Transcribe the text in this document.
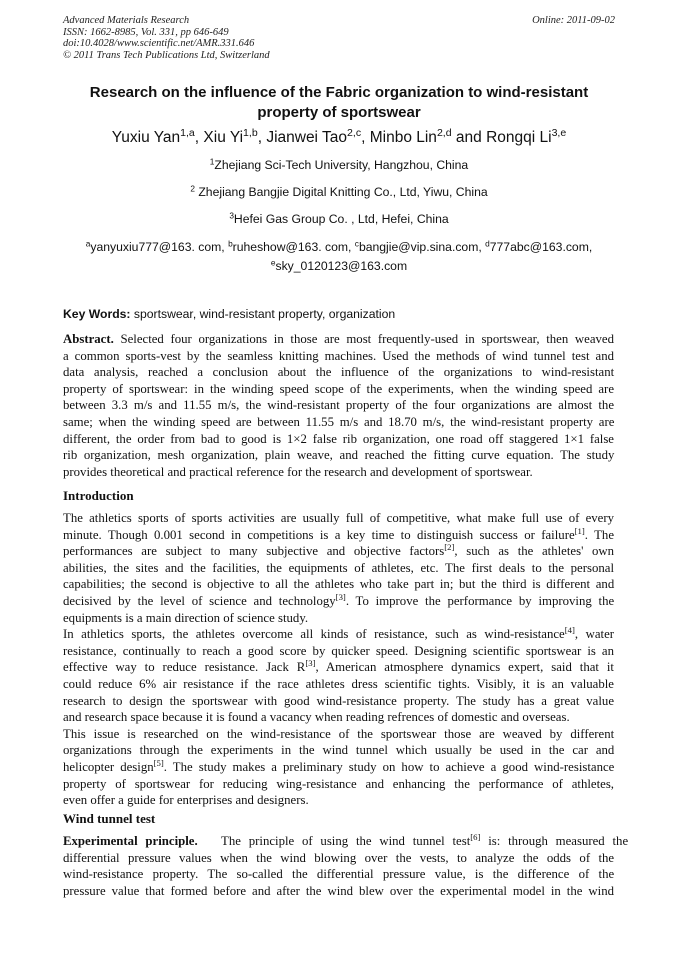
Advanced Materials Research
ISSN: 1662-8985, Vol. 331, pp 646-649
doi:10.4028/www.scientific.net/AMR.331.646
© 2011 Trans Tech Publications Ltd, Switzerland
Online: 2011-09-02
Research on the influence of the Fabric organization to wind-resistant
property of sportswear
Yuxiu Yan$^{1,a}$, Xiu Yi$^{1,b}$, Jianwei Tao$^{2,c}$, Minbo Lin$^{2,d}$ and Rongqi Li$^{3,e}$
$^1$Zhejiang Sci-Tech University, Hangzhou, China
$^2$ Zhejiang Bangjie Digital Knitting Co., Ltd, Yiwu, China
$^3$Hefei Gas Group Co. , Ltd, Hefei, China
$^a$yanyuxiu777@163. com, $^b$ruheshow@163. com, $^c$bangjie@vip.sina.com, $^d$777abc@163.com,
$^e$sky_0120123@163.com
Key Words: sportswear, wind-resistant property, organization
Abstract. Selected four organizations in those are most frequently-used in sportswear, then weaved
a common sports-vest by the seamless knitting machines. Used the methods of wind tunnel test and
data analysis, reached a conclusion about the influence of the organizations to wind-resistant
property of sportswear: in the winding speed scope of the experiments, when the winding speed are
between 3.3 m/s and 11.55 m/s, the wind-resistant property of the four organizations are almost the
same; when the winding speed are between 11.55 m/s and 18.70 m/s, the wind-resistant property are
different, the order from bad to good is 1×2 false rib organization, one road off staggered 1×1 false
rib organization, mesh organization, plain weave, and reached the fitting curve equation. The study
provides theoretical and practical reference for the research and development of sportswear.
Introduction
The athletics sports of sports activities are usually full of competitive, what make full use of every
minute. Though 0.001 second in competitions is a key time to distinguish success or failure[1]. The
performances are subject to many subjective and objective factors[2], such as the athletes' own
abilities, the sites and the facilities, the equipments of athletes, etc. The first deals to the personal
capabilities; the second is objective to all the athletes who take part in; but the third is different and
decisived by the level of science and technology[3]. To improve the performance by improving the
equipments is a main direction of science study.
In athletics sports, the athletes overcome all kinds of resistance, such as wind-resistance[4], water
resistance, continually to reach a good score by quicker speed. Designing scientific sportswear is an
effective way to reduce resistance. Jack R[3], American atmosphere dynamics expert, said that it
could reduce 6% air resistance if the race athletes dress scientific tights. Visibly, it is an valuable
research to design the sportswear with good wind-resistance property. The study has a great value
and research space because it is found a vacancy when reading refrences of domestic and overseas.
This issue is researched on the wind-resistance of the sportswear those are weaved by different
organizations through the experiments in the wind tunnel which usually be used in the car and
helicopter design[5]. The study makes a preliminary study on how to achieve a good wind-resistance
property of sportswear for reducing wing-resistance and enhancing the performance of athletes,
even offer a guide for enterprises and designers.
Wind tunnel test
Experimental principle. The principle of using the wind tunnel test[6] is: through measured the
differential pressure values when the wind blowing over the vests, to analyze the odds of the
wind-resistance property. The so-called the differential pressure value, is the difference of the
pressure value that formed before and after the wind blew over the experimental model in the wind
